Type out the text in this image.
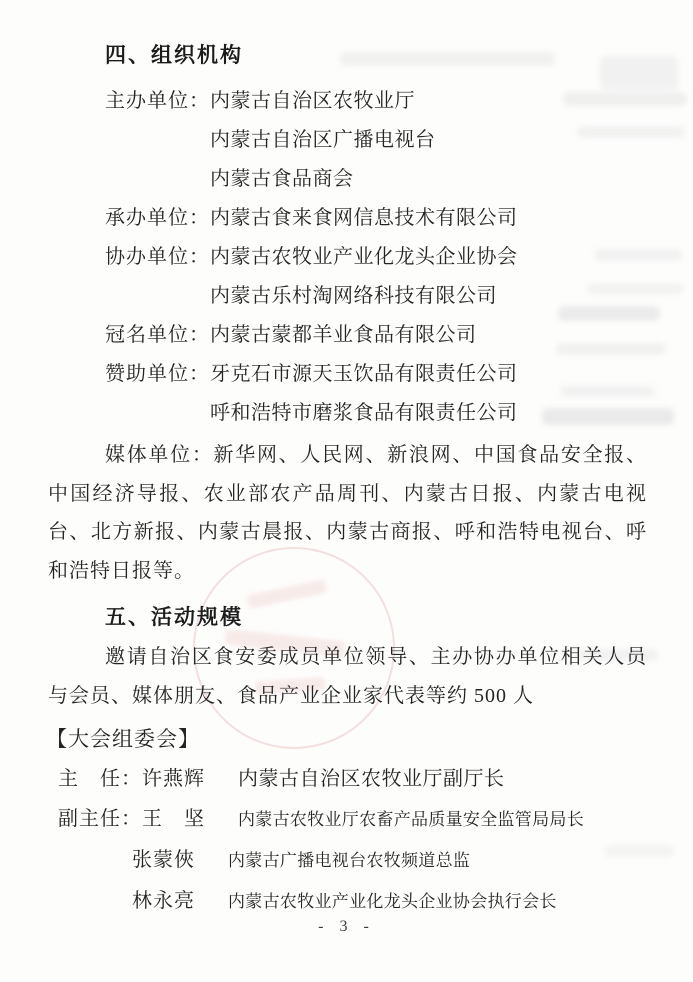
四、组织机构
主办单位： 内蒙古自治区农牧业厅
内蒙古自治区广播电视台
内蒙古食品商会
承办单位： 内蒙古食来食网信息技术有限公司
协办单位： 内蒙古农牧业产业化龙头企业协会
内蒙古乐村淘网络科技有限公司
冠名单位： 内蒙古蒙都羊业食品有限公司
赞助单位： 牙克石市源天玉饮品有限责任公司
呼和浩特市磨浆食品有限责任公司

媒体单位：新华网、人民网、新浪网、中国食品安全报、中国经济导报、农业部农产品周刊、内蒙古日报、内蒙古电视台、北方新报、内蒙古晨报、内蒙古商报、呼和浩特电视台、呼和浩特日报等。

五、活动规模

邀请自治区食安委成员单位领导、主办协办单位相关人员与会员、媒体朋友、食品产业企业家代表等约 500 人

【大会组委会】
主　任： 许燕辉	内蒙古自治区农牧业厅副厅长
副主任： 王　坚	内蒙古农牧业厅农畜产品质量安全监管局局长
张蒙俠	内蒙古广播电视台农牧频道总监
林永亮	内蒙古农牧业产业化龙头企业协会执行会长
- 3 -
